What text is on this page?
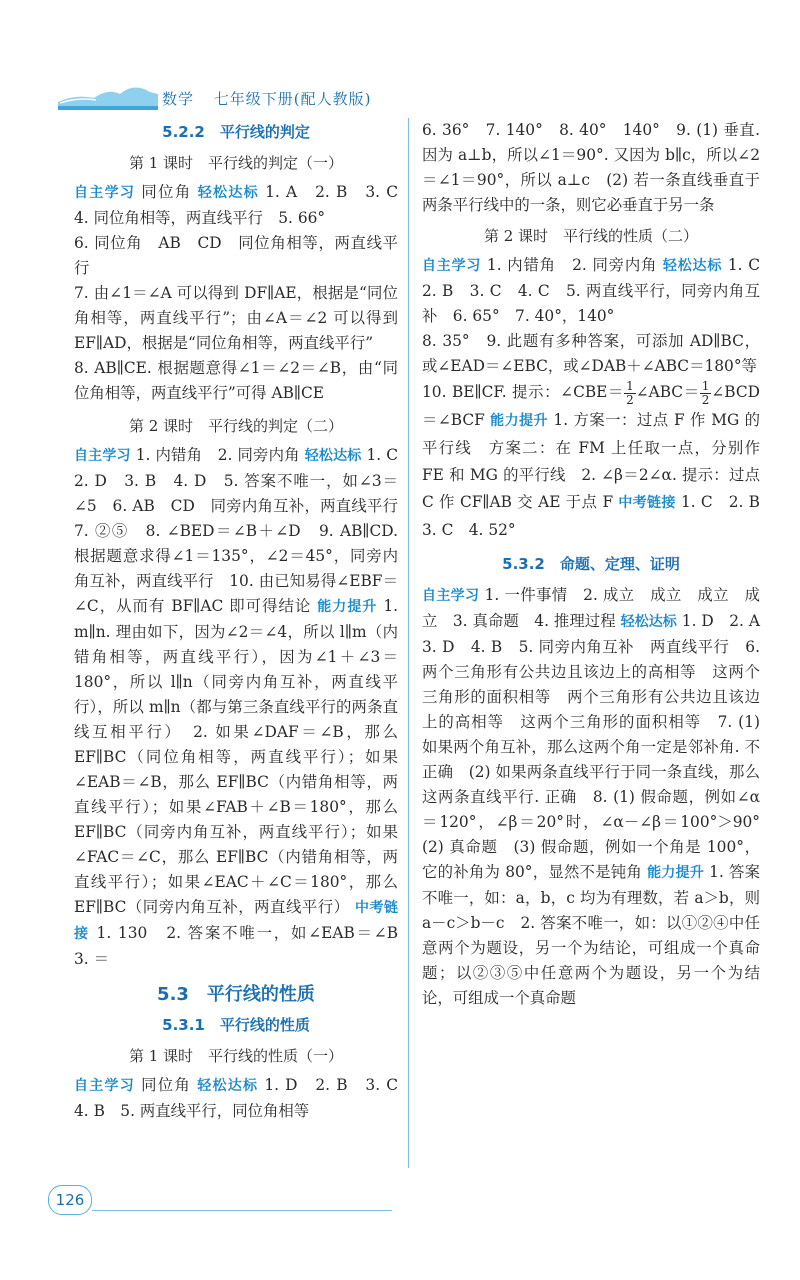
数学 七年级下册(配人教版)
5.2.2　平行线的判定
第 1 课时　平行线的判定（一）

自主学习 同位角 轻松达标 1. A　2. B　3. C　4. 同位角相等，两直线平行　5. 66°

6. 同位角　AB　CD　同位角相等，两直线平行

7. 由∠1＝∠A 可以得到 DF∥AE，根据是“同位角相等，两直线平行”；由∠A＝∠2 可以得到 EF∥AD，根据是“同位角相等，两直线平行”

8. AB∥CE. 根据题意得∠1＝∠2＝∠B，由“同位角相等，两直线平行”可得 AB∥CE

第 2 课时　平行线的判定（二）

自主学习 1. 内错角　2. 同旁内角 轻松达标 1. C　2. D　3. B　4. D　5. 答案不唯一，如∠3＝∠5　6. AB　CD　同旁内角互补，两直线平行　7. ②⑤　8. ∠BED＝∠B＋∠D　9. AB∥CD. 根据题意求得∠1＝135°，∠2＝45°，同旁内角互补，两直线平行　10. 由已知易得∠EBF＝∠C，从而有 BF∥AC 即可得结论 能力提升 1. m∥n. 理由如下，因为∠2＝∠4，所以 l∥m（内错角相等，两直线平行），因为∠1＋∠3＝180°，所以 l∥n（同旁内角互补，两直线平行），所以 m∥n（都与第三条直线平行的两条直线互相平行）　2. 如果∠DAF＝∠B，那么 EF∥BC（同位角相等，两直线平行）；如果∠EAB＝∠B，那么 EF∥BC（内错角相等，两直线平行）；如果∠FAB＋∠B＝180°，那么 EF∥BC（同旁内角互补，两直线平行）；如果∠FAC＝∠C，那么 EF∥BC（内错角相等，两直线平行）；如果∠EAC＋∠C＝180°，那么 EF∥BC（同旁内角互补，两直线平行） 中考链接 1. 130　2. 答案不唯一，如∠EAB＝∠B　3. ＝

5.3　平行线的性质
5.3.1　平行线的性质
第 1 课时　平行线的性质（一）

自主学习 同位角 轻松达标 1. D　2. B　3. C　4. B　5. 两直线平行，同位角相等

6. 36°　7. 140°　8. 40°　140°　9. (1) 垂直. 因为 a⊥b，所以∠1＝90°. 又因为 b∥c，所以∠2＝∠1＝90°，所以 a⊥c　(2) 若一条直线垂直于两条平行线中的一条，则它必垂直于另一条

第 2 课时　平行线的性质（二）

自主学习 1. 内错角　2. 同旁内角 轻松达标 1. C　2. B　3. C　4. C　5. 两直线平行，同旁内角互补　6. 65°　7. 40°，140°

8. 35°　9. 此题有多种答案，可添加 AD∥BC，或∠EAD＝∠EBC，或∠DAB＋∠ABC＝180°等

10. BE∥CF. 提示：∠CBE＝ $\frac{1}{2}$ ∠ABC＝ $\frac{1}{2}$ ∠BCD＝∠BCF 能力提升 1. 方案一：过点 F 作 MG 的平行线　方案二：在 FM 上任取一点，分别作 FE 和 MG 的平行线　2. ∠β＝2∠α. 提示：过点 C 作 CF∥AB 交 AE 于点 F 中考链接 1. C　2. B　3. C　4. 52°

5.3.2　命题、定理、证明

自主学习 1. 一件事情　2. 成立　成立　成立　成立　3. 真命题　4. 推理过程 轻松达标 1. D　2. A　3. D　4. B　5. 同旁内角互补　两直线平行　6. 两个三角形有公共边且该边上的高相等　这两个三角形的面积相等　两个三角形有公共边且该边上的高相等　这两个三角形的面积相等　7. (1) 如果两个角互补，那么这两个角一定是邻补角. 不正确　(2) 如果两条直线平行于同一条直线，那么这两条直线平行. 正确　8. (1) 假命题，例如∠α＝120°，∠β＝20°时，∠α－∠β＝100°＞90°　(2) 真命题　(3) 假命题，例如一个角是 100°，它的补角为 80°，显然不是钝角 能力提升 1. 答案不唯一，如：a，b，c 均为有理数，若 a＞b，则 a－c＞b－c　2. 答案不唯一，如：以①②④中任意两个为题设，另一个为结论，可组成一个真命题；以②③⑤中任意两个为题设，另一个为结论，可组成一个真命题

126
